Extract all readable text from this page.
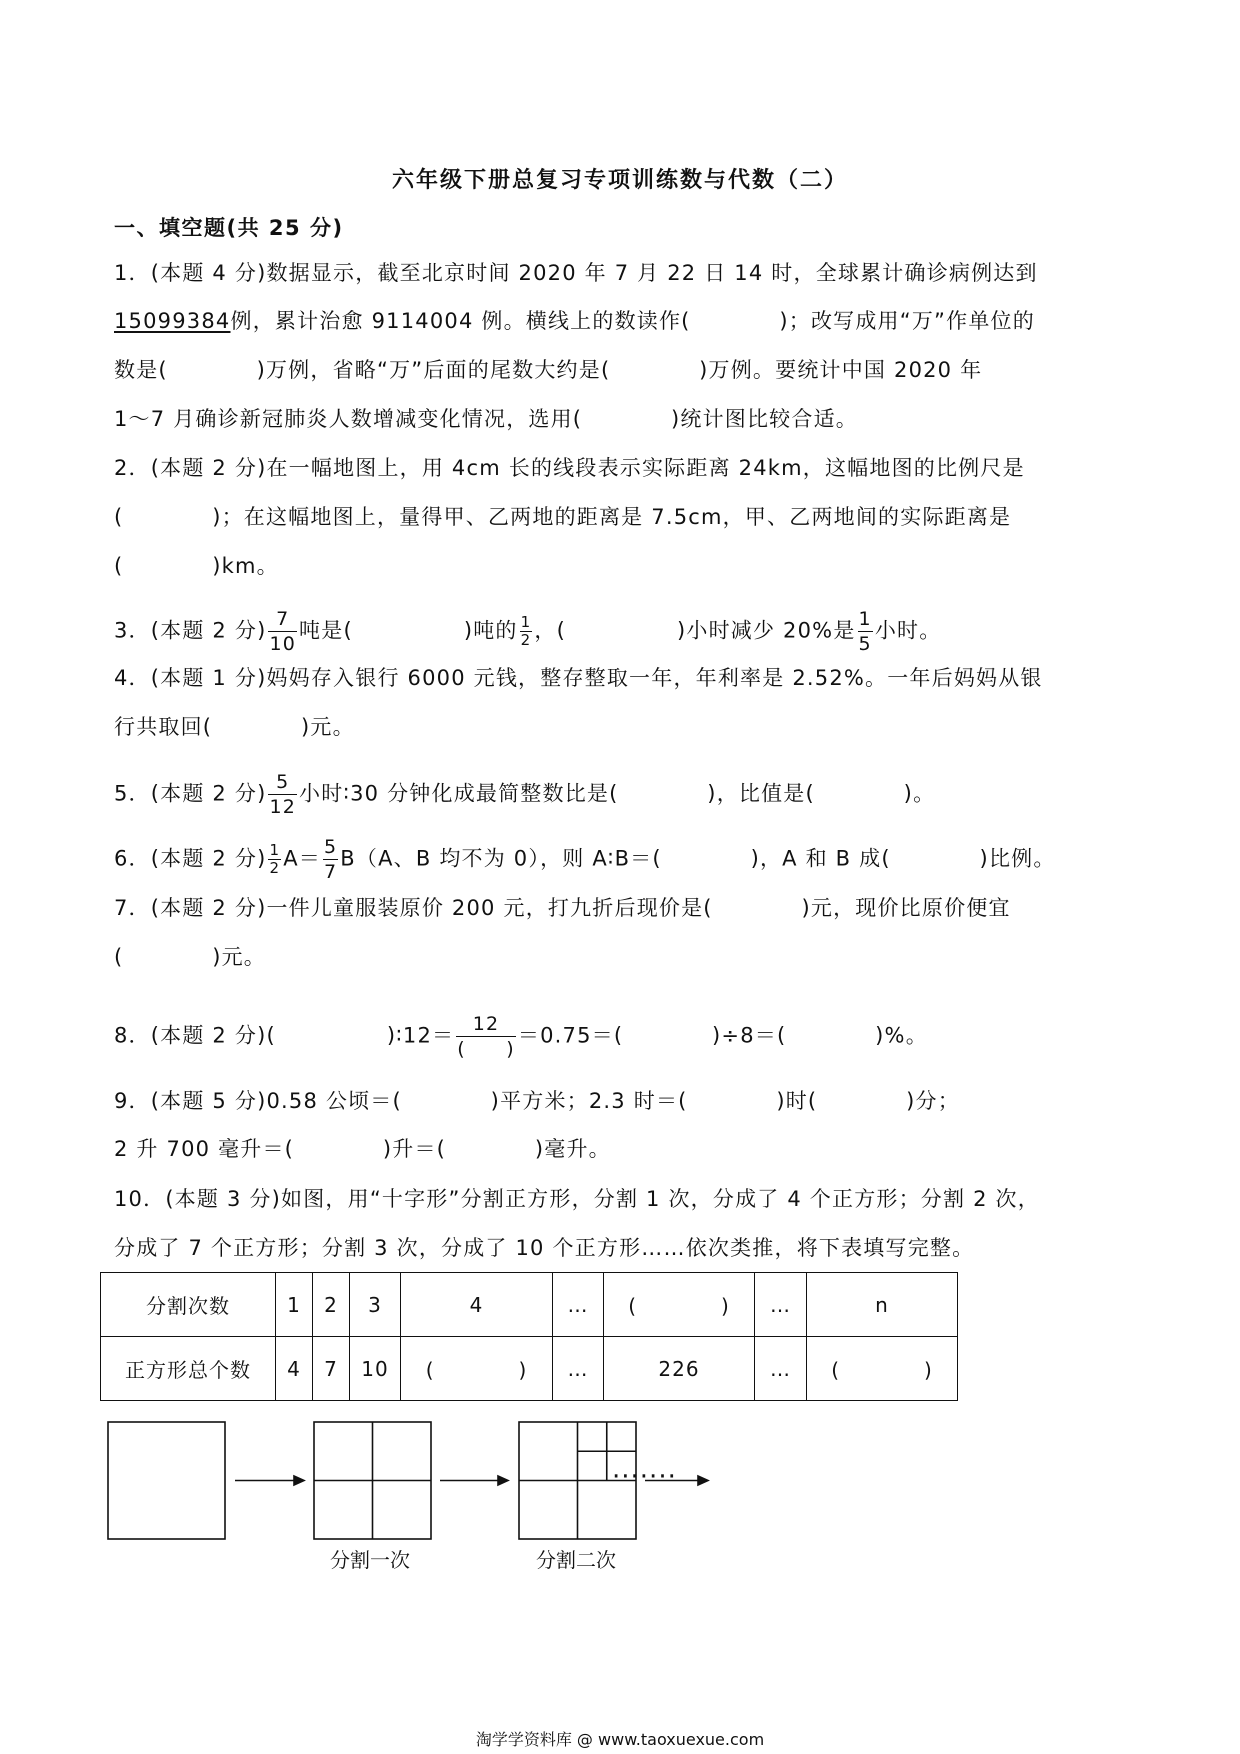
六年级下册总复习专项训练数与代数（二）
一、填空题(共 25 分)
1．(本题 4 分)数据显示，截至北京时间 2020 年 7 月 22 日 14 时，全球累计确诊病例达到
15099384例，累计治愈 9114004 例。横线上的数读作(　　　　)；改写成用“万”作单位的
数是(　　　　)万例，省略“万”后面的尾数大约是(　　　　)万例。要统计中国 2020 年
1～7 月确诊新冠肺炎人数增减变化情况，选用(　　　　)统计图比较合适。
2．(本题 2 分)在一幅地图上，用 4cm 长的线段表示实际距离 24km，这幅地图的比例尺是
(　　　　)；在这幅地图上，量得甲、乙两地的距离是 7.5cm，甲、乙两地间的实际距离是
(　　　　)km。
3．(本题 2 分) $\frac{7}{10}$ 吨是(　　　　　)吨的 $\frac{1}{2}$ ，(　　　　　)小时减少 20%是 $\frac{1}{5}$ 小时。
4．(本题 1 分)妈妈存入银行 6000 元钱，整存整取一年，年利率是 2.52%。一年后妈妈从银
行共取回(　　　　)元。
5．(本题 2 分) $\frac{5}{12}$ 小时∶30 分钟化成最简整数比是(　　　　)，比值是(　　　　)。
6．(本题 2 分) $\frac{1}{2} A= \frac{5}{7} B(A$、B 均不为 0），则 A∶B＝(　　　　)，A 和 B 成(　　　　)比例。
7．(本题 2 分)一件儿童服装原价 200 元，打九折后现价是(　　　　)元，现价比原价便宜
(　　　　)元。
8．(本题 2 分)(　　　　　)∶12＝ $\frac{12}{( )} =0.75=$(　　　　)÷8＝(　　　　)%。
9．(本题 5 分)0.58 公顷＝(　　　　)平方米；2.3 时＝(　　　　)时(　　　　)分；
2 升 700 毫升＝(　　　　)升＝(　　　　)毫升。
10．(本题 3 分)如图，用“十字形”分割正方形，分割 1 次，分成了 4 个正方形；分割 2 次，
分成了 7 个正方形；分割 3 次，分成了 10 个正方形……依次类推，将下表填写完整。
分割次数	1	2	3	4	…	(　　　　)	…	n
正方形总个数	4	7	10	(　　　　)	…	226	…	(　　　　)
·······
分割一次	分割二次
淘学学资料库 @ www.taoxuexue.com
